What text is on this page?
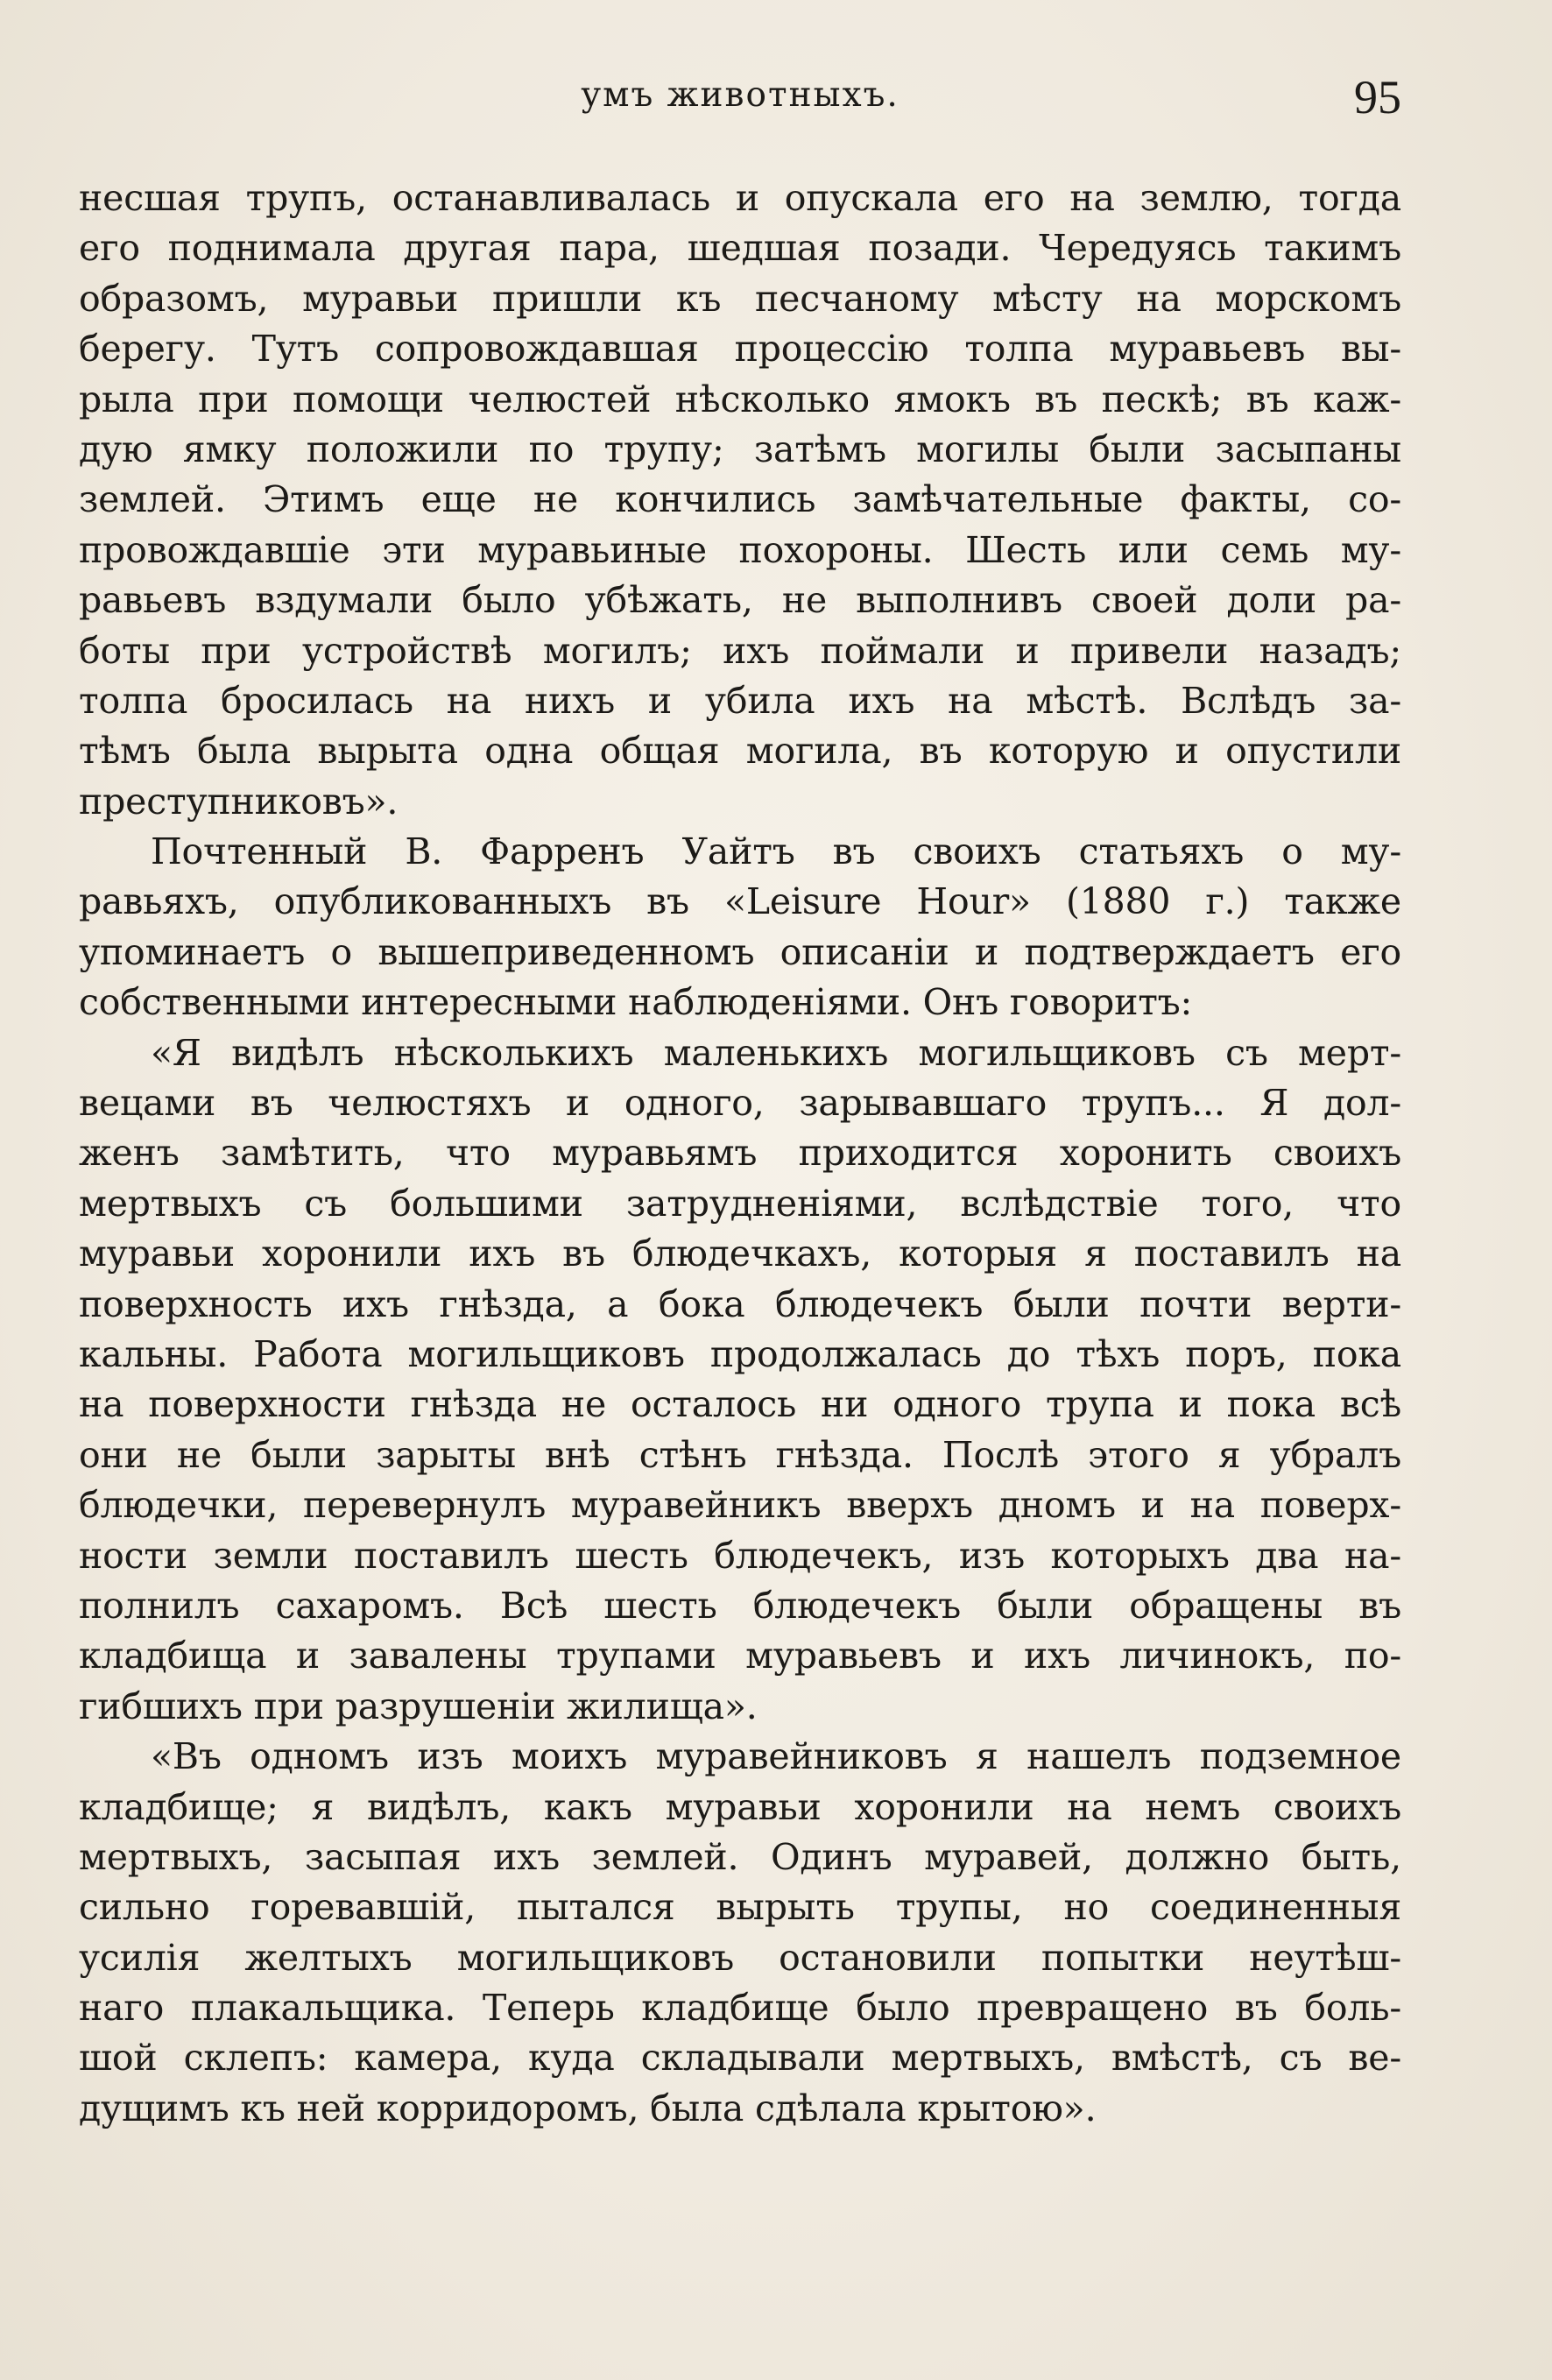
умъ животныхъ.	95
несшая трупъ, останавливалась и опускала его на землю, тогда
его поднимала другая пара, шедшая позади. Чередуясь такимъ
образомъ, муравьи пришли къ песчаному мѣсту на морскомъ
берегу. Тутъ сопровождавшая процессію толпа муравьевъ вы-
рыла при помощи челюстей нѣсколько ямокъ въ пескѣ; въ каж-
дую ямку положили по трупу; затѣмъ могилы были засыпаны
землей. Этимъ еще не кончились замѣчательные факты, со-
провождавшіе эти муравьиные похороны. Шесть или семь му-
равьевъ вздумали было убѣжать, не выполнивъ своей доли ра-
боты при устройствѣ могилъ; ихъ поймали и привели назадъ;
толпа бросилась на нихъ и убила ихъ на мѣстѣ. Вслѣдъ за-
тѣмъ была вырыта одна общая могила, въ которую и опустили
преступниковъ».
Почтенный В. Фарренъ Уайтъ въ своихъ статьяхъ о му-
равьяхъ, опубликованныхъ въ «Leisure Hour» (1880 г.) также
упоминаетъ о вышеприведенномъ описаніи и подтверждаетъ его
собственными интересными наблюденіями. Онъ говоритъ:
«Я видѣлъ нѣсколькихъ маленькихъ могильщиковъ съ мерт-
вецами въ челюстяхъ и одного, зарывавшаго трупъ... Я дол-
женъ замѣтить, что муравьямъ приходится хоронить своихъ
мертвыхъ съ большими затрудненіями, вслѣдствіе того, что
муравьи хоронили ихъ въ блюдечкахъ, которыя я поставилъ на
поверхность ихъ гнѣзда, а бока блюдечекъ были почти верти-
кальны. Работа могильщиковъ продолжалась до тѣхъ поръ, пока
на поверхности гнѣзда не осталось ни одного трупа и пока всѣ
они не были зарыты внѣ стѣнъ гнѣзда. Послѣ этого я убралъ
блюдечки, перевернулъ муравейникъ вверхъ дномъ и на поверх-
ности земли поставилъ шесть блюдечекъ, изъ которыхъ два на-
полнилъ сахаромъ. Всѣ шесть блюдечекъ были обращены въ
кладбища и завалены трупами муравьевъ и ихъ личинокъ, по-
гибшихъ при разрушеніи жилища».
«Въ одномъ изъ моихъ муравейниковъ я нашелъ подземное
кладбище; я видѣлъ, какъ муравьи хоронили на немъ своихъ
мертвыхъ, засыпая ихъ землей. Одинъ муравей, должно быть,
сильно горевавшій, пытался вырыть трупы, но соединенныя
усилія желтыхъ могильщиковъ остановили попытки неутѣш-
наго плакальщика. Теперь кладбище было превращено въ боль-
шой склепъ: камера, куда складывали мертвыхъ, вмѣстѣ, съ ве-
дущимъ къ ней корридоромъ, была сдѣлала крытою».
